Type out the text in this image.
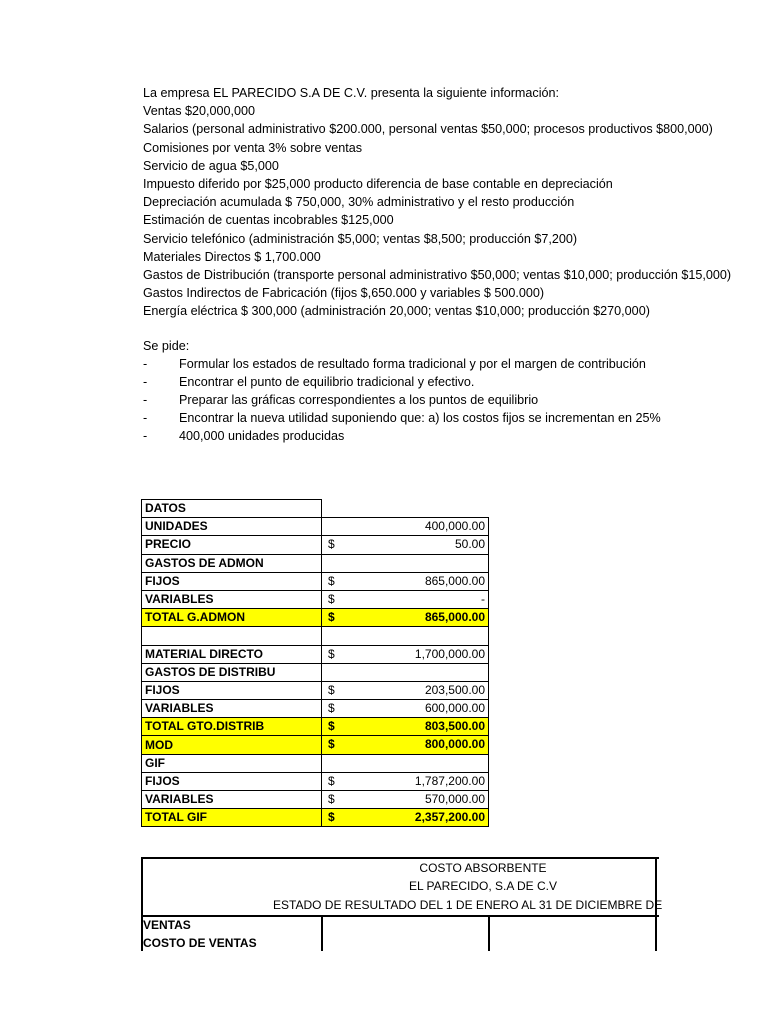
La empresa EL PARECIDO S.A DE C.V. presenta la siguiente información:
Ventas $20,000,000
Salarios (personal administrativo $200.000, personal ventas $50,000; procesos productivos $800,000)
Comisiones por venta 3% sobre ventas
Servicio de agua $5,000
Impuesto diferido por $25,000 producto diferencia de base contable en depreciación
Depreciación acumulada $ 750,000, 30% administrativo y el resto producción
Estimación de cuentas incobrables $125,000
Servicio telefónico (administración $5,000; ventas $8,500; producción $7,200)
Materiales Directos $ 1,700.000
Gastos de Distribución (transporte personal administrativo $50,000; ventas $10,000; producción $15,000)
Gastos Indirectos de Fabricación (fijos $,650.000 y variables $ 500.000)
Energía eléctrica $ 300,000 (administración 20,000; ventas $10,000; producción $270,000)
Se pide:
-	Formular los estados de resultado forma tradicional y por el margen de contribución
-	Encontrar el punto de equilibrio tradicional y efectivo.
-	Preparar las gráficas correspondientes a los puntos de equilibrio
-	Encontrar la nueva utilidad suponiendo que: a) los costos fijos se incrementan en 25%
-	400,000 unidades producidas
DATOS	

UNIDADES	400,000.00

PRECIO	$ 50.00

GASTOS DE ADMON	

FIJOS	$ 865,000.00

VARIABLES	$ -

TOTAL G.ADMON	$ 865,000.00

MATERIAL DIRECTO	$ 1,700,000.00

GASTOS DE DISTRIBU	

FIJOS	$ 203,500.00

VARIABLES	$ 600,000.00

TOTAL GTO.DISTRIB	$ 803,500.00

MOD	$ 800,000.00

GIF	

FIJOS	$ 1,787,200.00

VARIABLES	$ 570,000.00

TOTAL GIF	$ 2,357,200.00
COSTO ABSORBENTE
EL PARECIDO, S.A DE C.V
ESTADO DE RESULTADO DEL 1 DE ENERO AL 31 DE DICIEMBRE DE
VENTAS
COSTO DE VENTAS
